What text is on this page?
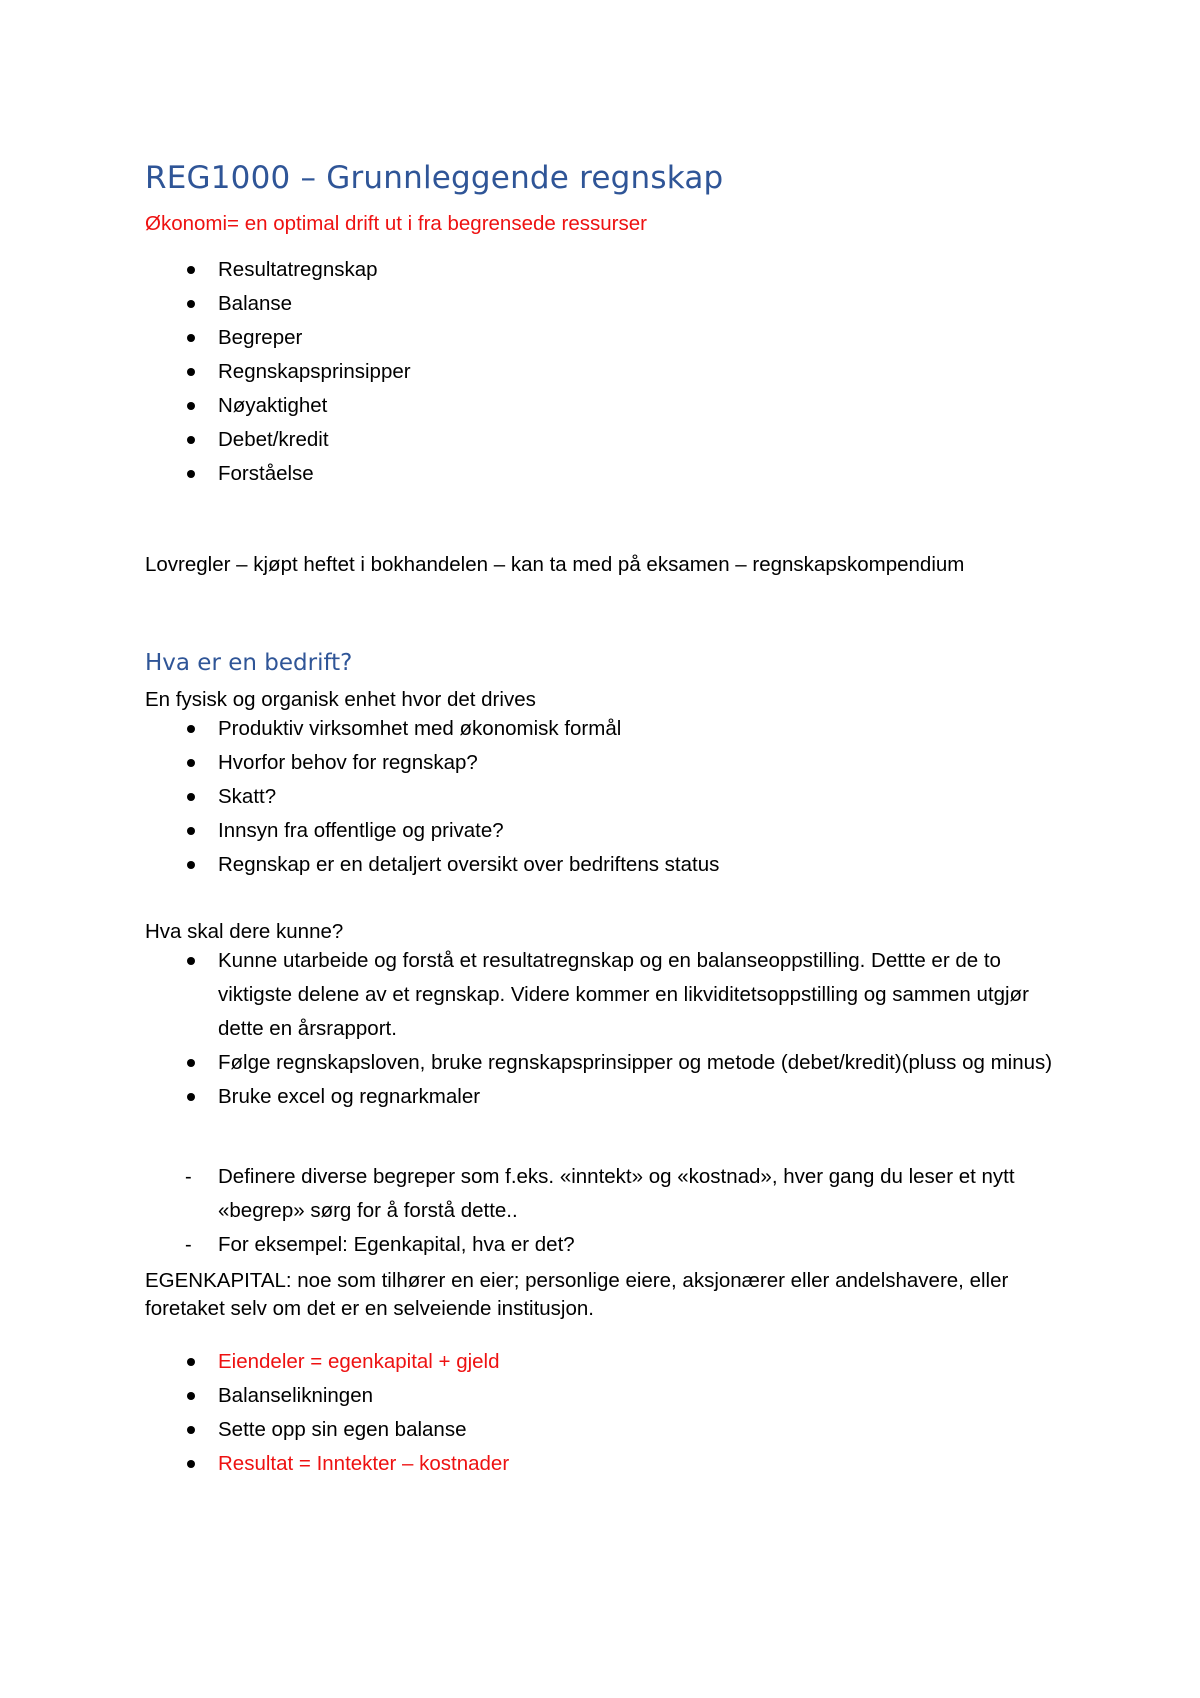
REG1000 – Grunnleggende regnskap
Økonomi= en optimal drift ut i fra begrensede ressurser
Resultatregnskap
Balanse
Begreper
Regnskapsprinsipper
Nøyaktighet
Debet/kredit
Forståelse
Lovregler – kjøpt heftet i bokhandelen – kan ta med på eksamen – regnskapskompendium
Hva er en bedrift?
En fysisk og organisk enhet hvor det drives
Produktiv virksomhet med økonomisk formål
Hvorfor behov for regnskap?
Skatt?
Innsyn fra offentlige og private?
Regnskap er en detaljert oversikt over bedriftens status
Hva skal dere kunne?
Kunne utarbeide og forstå et resultatregnskap og en balanseoppstilling. Dettte er de to viktigste delene av et regnskap. Videre kommer en likviditetsoppstilling og sammen utgjør dette en årsrapport.
Følge regnskapsloven, bruke regnskapsprinsipper og metode (debet/kredit)(pluss og minus)
Bruke excel og regnarkmaler
- Definere diverse begreper som f.eks. «inntekt» og «kostnad», hver gang du leser et nytt «begrep» sørg for å forstå dette..
- For eksempel: Egenkapital, hva er det?
EGENKAPITAL: noe som tilhører en eier; personlige eiere, aksjonærer eller andelshavere, eller foretaket selv om det er en selveiende institusjon.
Eiendeler = egenkapital + gjeld
Balanselikningen
Sette opp sin egen balanse
Resultat = Inntekter – kostnader
